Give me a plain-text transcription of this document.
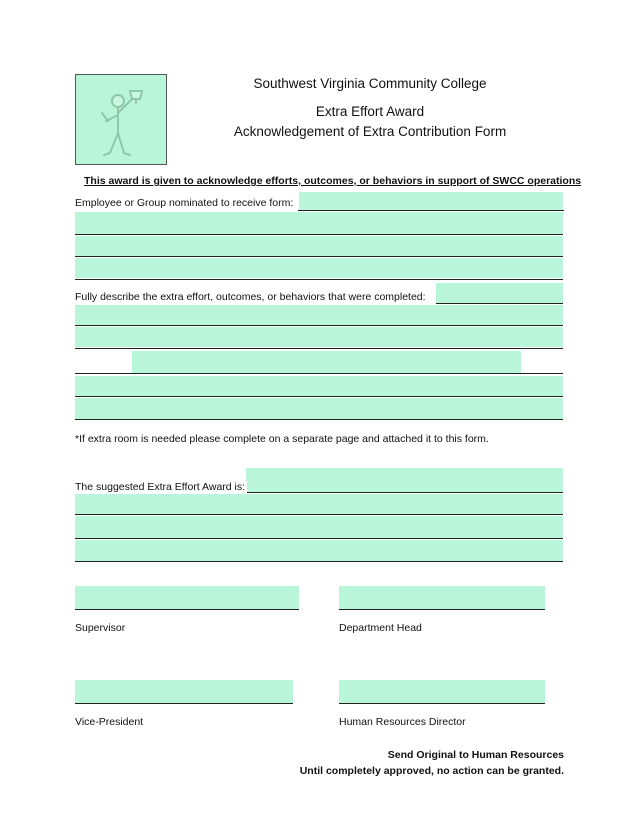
Southwest Virginia Community College
Extra Effort Award
Acknowledgement of Extra Contribution Form
This award is given to acknowledge efforts, outcomes, or behaviors in support of SWCC operations
Employee or Group nominated to receive form:
Fully describe the extra effort, outcomes, or behaviors that were completed:
*If extra room is needed please complete on a separate page and attached it to this form.
The suggested Extra Effort Award is:
Supervisor	Department Head
Vice-President	Human Resources Director
Send Original to Human Resources
Until completely approved, no action can be granted.
